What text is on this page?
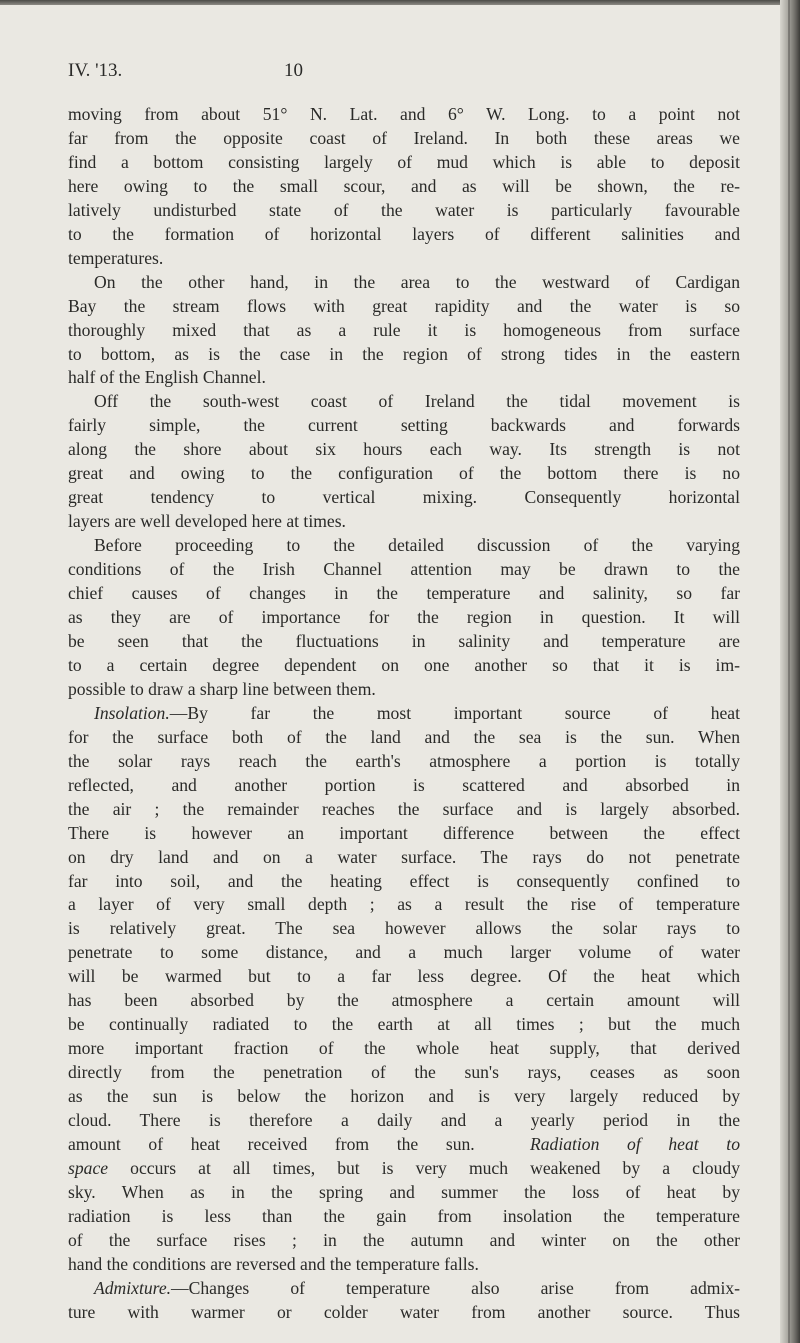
IV. '13.	10
moving from about 51° N. Lat. and 6° W. Long. to a point not
far from the opposite coast of Ireland. In both these areas we
find a bottom consisting largely of mud which is able to deposit
here owing to the small scour, and as will be shown, the re-
latively undisturbed state of the water is particularly favourable
to the formation of horizontal layers of different salinities and
temperatures.
On the other hand, in the area to the westward of Cardigan
Bay the stream flows with great rapidity and the water is so
thoroughly mixed that as a rule it is homogeneous from surface
to bottom, as is the case in the region of strong tides in the eastern
half of the English Channel.
Off the south-west coast of Ireland the tidal movement is
fairly simple, the current setting backwards and forwards
along the shore about six hours each way. Its strength is not
great and owing to the configuration of the bottom there is no
great tendency to vertical mixing. Consequently horizontal
layers are well developed here at times.
Before proceeding to the detailed discussion of the varying
conditions of the Irish Channel attention may be drawn to the
chief causes of changes in the temperature and salinity, so far
as they are of importance for the region in question. It will
be seen that the fluctuations in salinity and temperature are
to a certain degree dependent on one another so that it is im-
possible to draw a sharp line between them.
Insolation.—By far the most important source of heat
for the surface both of the land and the sea is the sun. When
the solar rays reach the earth's atmosphere a portion is totally
reflected, and another portion is scattered and absorbed in
the air ; the remainder reaches the surface and is largely absorbed.
There is however an important difference between the effect
on dry land and on a water surface. The rays do not penetrate
far into soil, and the heating effect is consequently confined to
a layer of very small depth ; as a result the rise of temperature
is relatively great. The sea however allows the solar rays to
penetrate to some distance, and a much larger volume of water
will be warmed but to a far less degree. Of the heat which
has been absorbed by the atmosphere a certain amount will
be continually radiated to the earth at all times ; but the much
more important fraction of the whole heat supply, that derived
directly from the penetration of the sun's rays, ceases as soon
as the sun is below the horizon and is very largely reduced by
cloud. There is therefore a daily and a yearly period in the
amount of heat received from the sun.  Radiation of heat to
space occurs at all times, but is very much weakened by a cloudy
sky. When as in the spring and summer the loss of heat by
radiation is less than the gain from insolation the temperature
of the surface rises ; in the autumn and winter on the other
hand the conditions are reversed and the temperature falls.
Admixture.—Changes of temperature also arise from admix-
ture with warmer or colder water from another source. Thus
